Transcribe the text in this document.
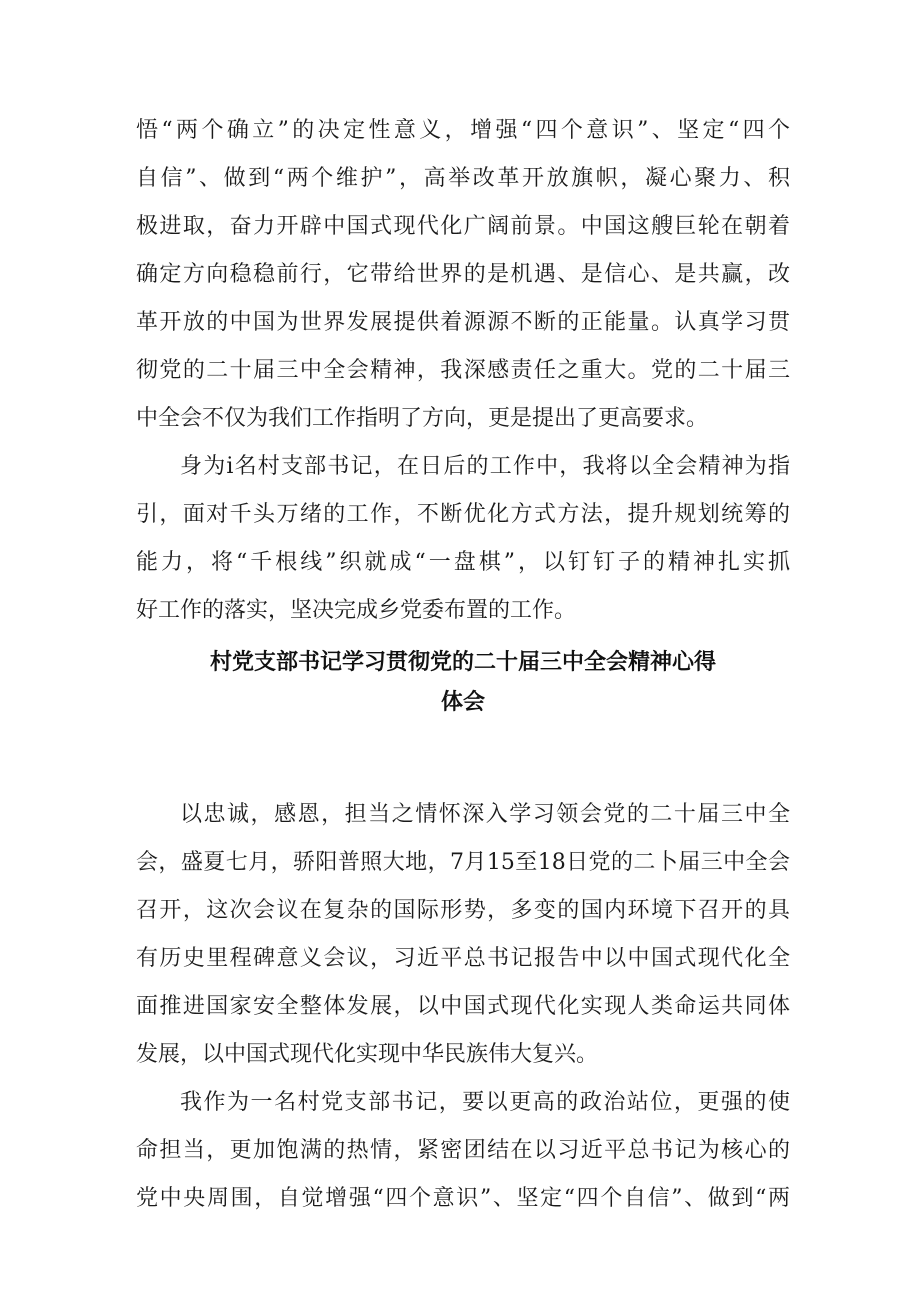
悟“两个确立”的决定性意义，增强“四个意识”、坚定“四个
自信”、做到“两个维护”，高举改革开放旗帜，凝心聚力、积
极进取，奋力开辟中国式现代化广阔前景。中国这艘巨轮在朝着
确定方向稳稳前行，它带给世界的是机遇、是信心、是共赢，改
革开放的中国为世界发展提供着源源不断的正能量。认真学习贯
彻党的二十届三中全会精神，我深感责任之重大。党的二十届三
中全会不仅为我们工作指明了方向，更是提出了更高要求。
身为i名村支部书记，在日后的工作中，我将以全会精神为指
引，面对千头万绪的工作，不断优化方式方法，提升规划统筹的
能力，将“千根线”织就成“一盘棋”，以钉钉子的精神扎实抓
好工作的落实，坚决完成乡党委布置的工作。
村党支部书记学习贯彻党的二十届三中全会精神心得
体会
以忠诚，感恩，担当之情怀深入学习领会党的二十届三中全
会，盛夏七月，骄阳普照大地，7月15至18日党的二卜届三中全会
召开，这次会议在复杂的国际形势，多变的国内环境下召开的具
有历史里程碑意义会议，习近平总书记报告中以中国式现代化全
面推进国家安全整体发展，以中国式现代化实现人类命运共同体
发展，以中国式现代化实现中华民族伟大复兴。
我作为一名村党支部书记，要以更高的政治站位，更强的使
命担当，更加饱满的热情，紧密团结在以习近平总书记为核心的
党中央周围，自觉增强“四个意识”、坚定“四个自信”、做到“两
